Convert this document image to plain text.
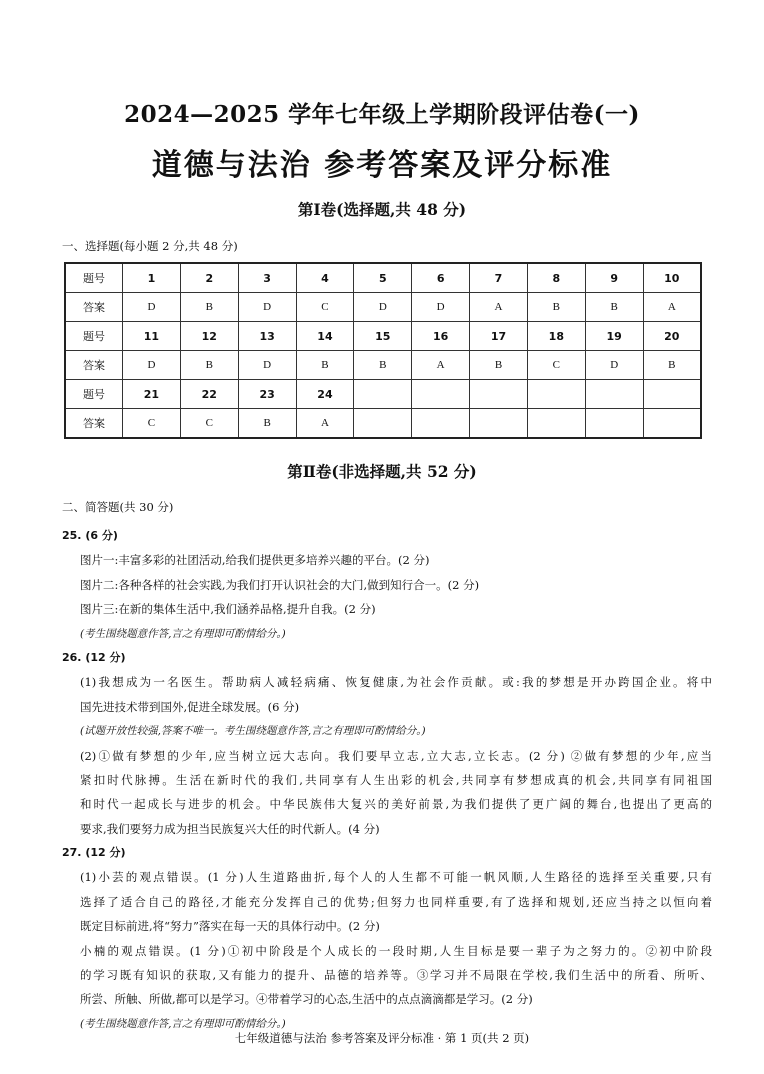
2024—2025 学年七年级上学期阶段评估卷(一)
道德与法治 参考答案及评分标准
第Ⅰ卷(选择题,共 48 分)
一、选择题(每小题 2 分,共 48 分)
题号	1	2	3	4	5	6	7	8	9	10
答案	D	B	D	C	D	D	A	B	B	A
题号	11	12	13	14	15	16	17	18	19	20
答案	D	B	D	B	B	A	B	C	D	B
题号	21	22	23	24						
答案	C	C	B	A						
第Ⅱ卷(非选择题,共 52 分)
二、简答题(共 30 分)
25. (6 分)
图片一:丰富多彩的社团活动,给我们提供更多培养兴趣的平台。(2 分)
图片二:各种各样的社会实践,为我们打开认识社会的大门,做到知行合一。(2 分)
图片三:在新的集体生活中,我们涵养品格,提升自我。(2 分)
(考生围绕题意作答,言之有理即可酌情给分。)
26. (12 分)
(1)我想成为一名医生。帮助病人减轻病痛、恢复健康,为社会作贡献。或:我的梦想是开办跨国企业。将中
国先进技术带到国外,促进全球发展。(6 分)
(试题开放性较强,答案不唯一。考生围绕题意作答,言之有理即可酌情给分。)
(2)①做有梦想的少年,应当树立远大志向。我们要早立志,立大志,立长志。(2 分) ②做有梦想的少年,应当
紧扣时代脉搏。生活在新时代的我们,共同享有人生出彩的机会,共同享有梦想成真的机会,共同享有同祖国
和时代一起成长与进步的机会。中华民族伟大复兴的美好前景,为我们提供了更广阔的舞台,也提出了更高的
要求,我们要努力成为担当民族复兴大任的时代新人。(4 分)
27. (12 分)
(1)小芸的观点错误。(1 分)人生道路曲折,每个人的人生都不可能一帆风顺,人生路径的选择至关重要,只有
选择了适合自己的路径,才能充分发挥自己的优势;但努力也同样重要,有了选择和规划,还应当持之以恒向着
既定目标前进,将“努力”落实在每一天的具体行动中。(2 分)
小楠的观点错误。(1 分)①初中阶段是个人成长的一段时期,人生目标是要一辈子为之努力的。②初中阶段
的学习既有知识的获取,又有能力的提升、品德的培养等。③学习并不局限在学校,我们生活中的所看、所听、
所尝、所触、所做,都可以是学习。④带着学习的心态,生活中的点点滴滴都是学习。(2 分)
(考生围绕题意作答,言之有理即可酌情给分。)
七年级道德与法治 参考答案及评分标准 · 第 1 页(共 2 页)
